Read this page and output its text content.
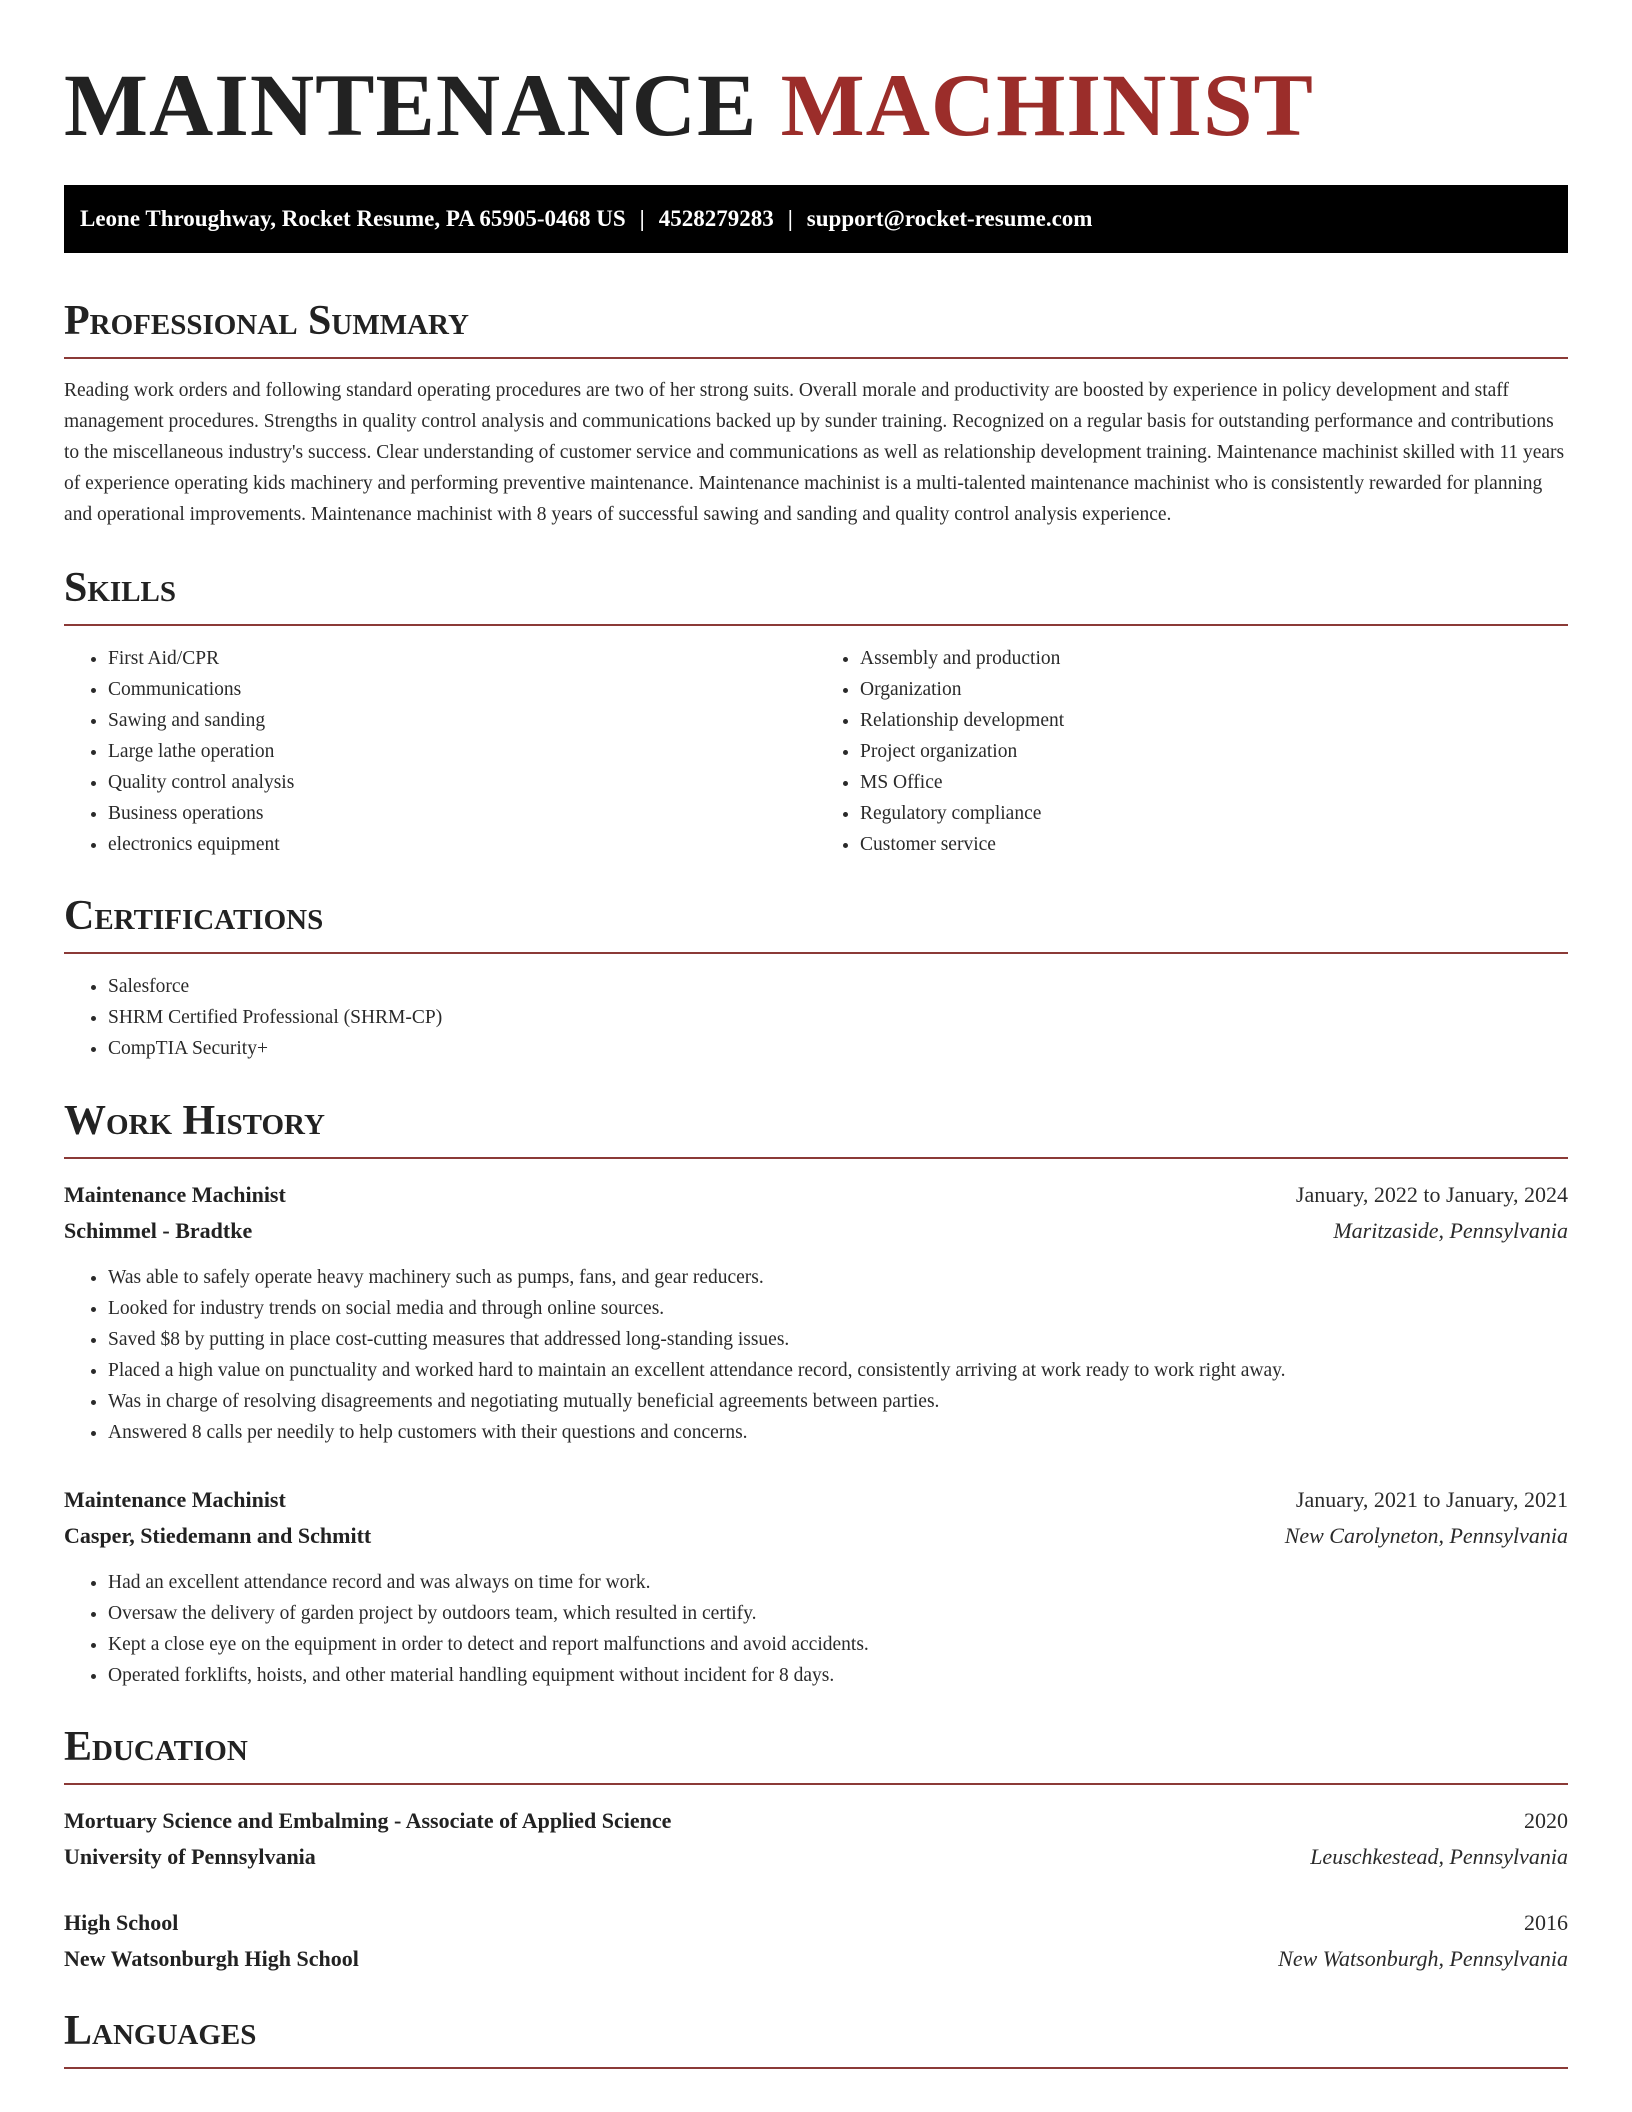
MAINTENANCE MACHINIST
Leone Throughway, Rocket Resume, PA 65905-0468 US | 4528279283 | support@rocket-resume.com
Professional Summary

Reading work orders and following standard operating procedures are two of her strong suits. Overall morale and productivity are boosted by experience in policy development and staff management procedures. Strengths in quality control analysis and communications backed up by sunder training. Recognized on a regular basis for outstanding performance and contributions to the miscellaneous industry's success. Clear understanding of customer service and communications as well as relationship development training. Maintenance machinist skilled with 11 years of experience operating kids machinery and performing preventive maintenance. Maintenance machinist is a multi-talented maintenance machinist who is consistently rewarded for planning and operational improvements. Maintenance machinist with 8 years of successful sawing and sanding and quality control analysis experience.

Skills
• First Aid/CPR
• Communications
• Sawing and sanding
• Large lathe operation
• Quality control analysis
• Business operations
• electronics equipment
• Assembly and production
• Organization
• Relationship development
• Project organization
• MS Office
• Regulatory compliance
• Customer service
Certifications
• Salesforce
• SHRM Certified Professional (SHRM-CP)
• CompTIA Security+
Work History
Maintenance Machinist	January, 2022 to January, 2024
Schimmel - Bradtke	Maritzaside, Pennsylvania
• Was able to safely operate heavy machinery such as pumps, fans, and gear reducers.
• Looked for industry trends on social media and through online sources.
• Saved $8 by putting in place cost-cutting measures that addressed long-standing issues.
• Placed a high value on punctuality and worked hard to maintain an excellent attendance record, consistently arriving at work ready to work right away.
• Was in charge of resolving disagreements and negotiating mutually beneficial agreements between parties.
• Answered 8 calls per needily to help customers with their questions and concerns.
Maintenance Machinist	January, 2021 to January, 2021
Casper, Stiedemann and Schmitt	New Carolyneton, Pennsylvania
• Had an excellent attendance record and was always on time for work.
• Oversaw the delivery of garden project by outdoors team, which resulted in certify.
• Kept a close eye on the equipment in order to detect and report malfunctions and avoid accidents.
• Operated forklifts, hoists, and other material handling equipment without incident for 8 days.
Education
Mortuary Science and Embalming - Associate of Applied Science	2020
University of Pennsylvania	Leuschkestead, Pennsylvania
High School	2016
New Watsonburgh High School	New Watsonburgh, Pennsylvania
Languages
